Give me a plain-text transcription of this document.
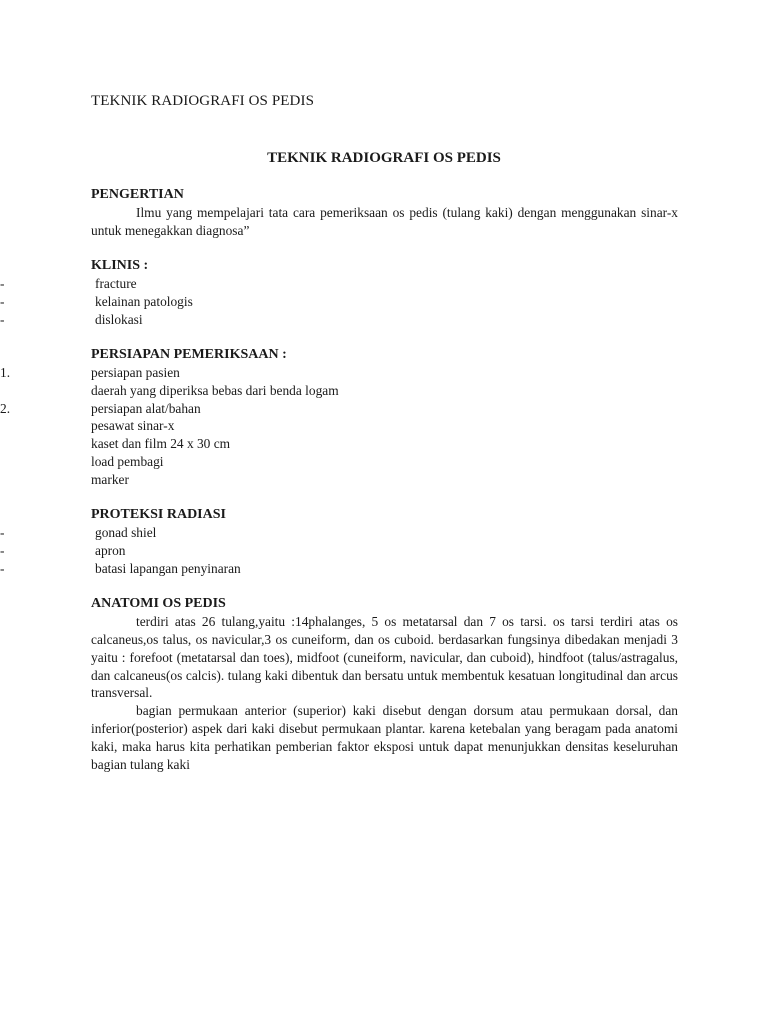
TEKNIK RADIOGRAFI OS PEDIS
TEKNIK RADIOGRAFI OS PEDIS
PENGERTIAN

Ilmu yang mempelajari tata cara pemeriksaan os pedis (tulang kaki) dengan menggunakan sinar-x untuk menegakkan diagnosa”

KLINIS :
-	fracture
-	kelainan patologis
-	dislokasi
PERSIAPAN PEMERIKSAAN :
1.	persiapan pasien
daerah yang diperiksa bebas dari benda logam
2.	persiapan alat/bahan
pesawat sinar-x
kaset dan film 24 x 30 cm
load pembagi
marker
PROTEKSI RADIASI
-	gonad shiel
-	apron
-	batasi lapangan penyinaran
ANATOMI OS PEDIS

terdiri atas 26 tulang,yaitu :14phalanges, 5 os metatarsal dan 7 os tarsi. os tarsi terdiri atas os calcaneus,os talus, os navicular,3 os cuneiform, dan os cuboid. berdasarkan fungsinya dibedakan menjadi 3 yaitu : forefoot (metatarsal dan toes), midfoot (cuneiform, navicular, dan cuboid), hindfoot (talus/astragalus, dan calcaneus(os calcis). tulang kaki dibentuk dan bersatu untuk membentuk kesatuan longitudinal dan arcus transversal.

bagian permukaan anterior (superior) kaki disebut dengan dorsum atau permukaan dorsal, dan inferior(posterior) aspek dari kaki disebut permukaan plantar. karena ketebalan yang beragam pada anatomi kaki, maka harus kita perhatikan pemberian faktor eksposi untuk dapat menunjukkan densitas keseluruhan bagian tulang kaki
